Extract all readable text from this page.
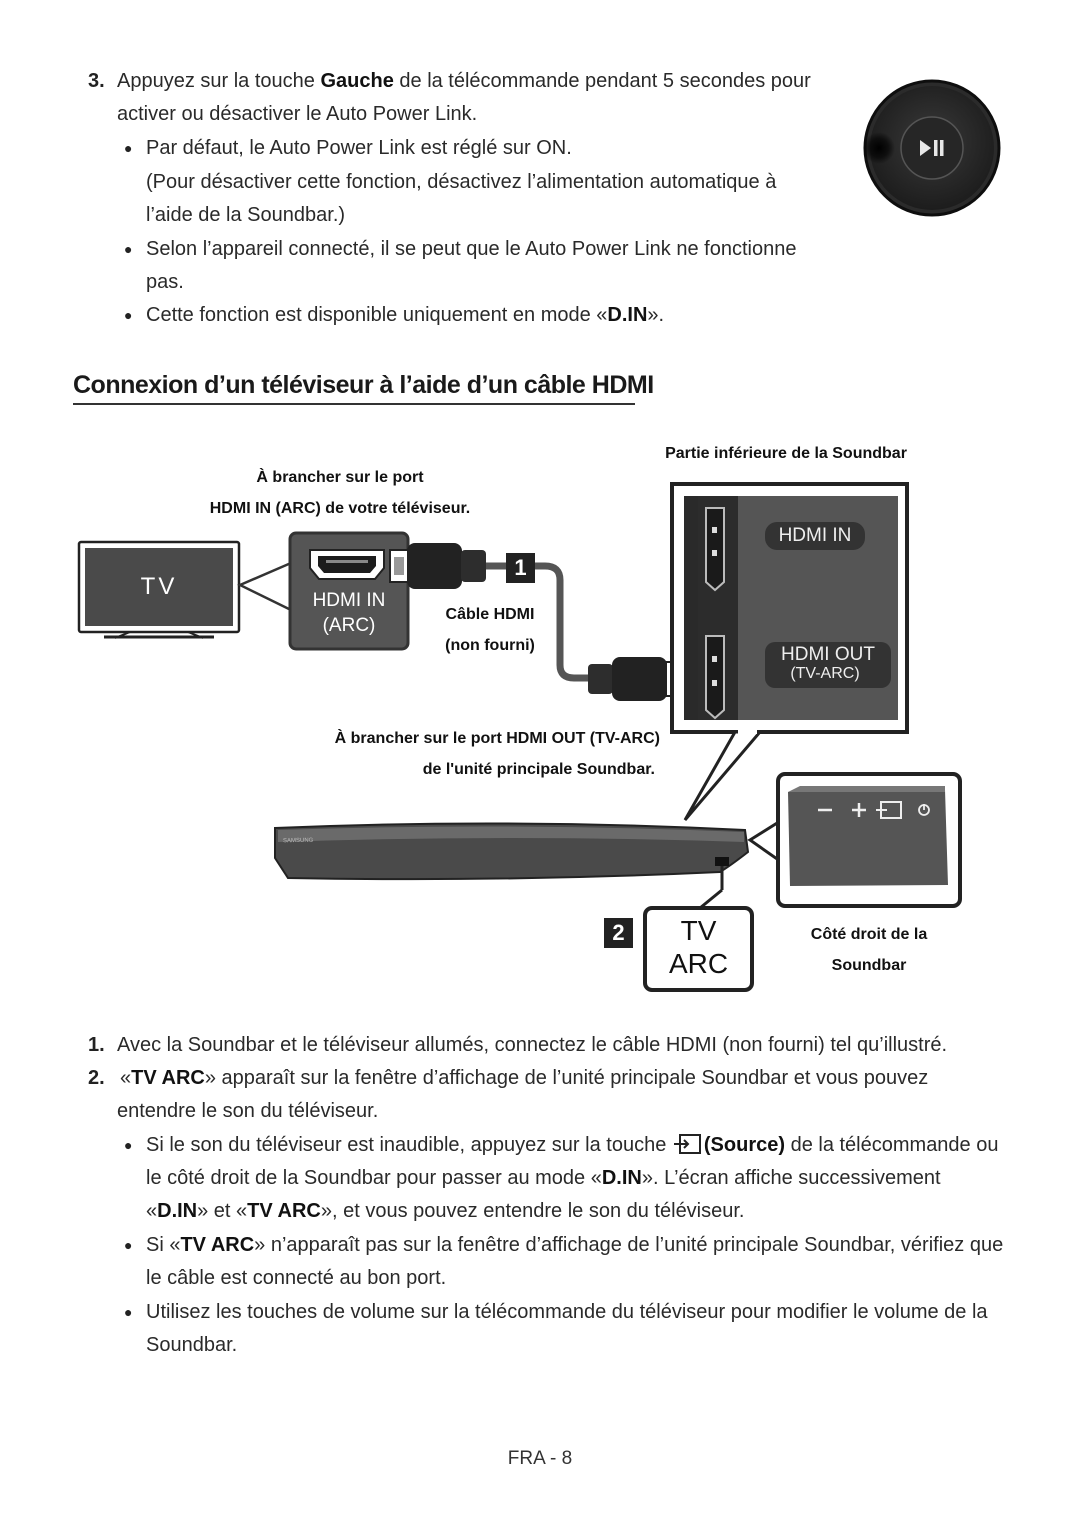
3. Appuyez sur la touche Gauche de la télécommande pendant 5 secondes pour
activer ou désactiver le Auto Power Link.
● Par défaut, le Auto Power Link est réglé sur ON.
(Pour désactiver cette fonction, désactivez l’alimentation automatique à
l’aide de la Soundbar.)
● Selon l’appareil connecté, il se peut que le Auto Power Link ne fonctionne
pas.
● Cette fonction est disponible uniquement en mode «D.IN».
Connexion d’un téléviseur à l’aide d’un câble HDMI
Partie inférieure de la Soundbar
À brancher sur le port
HDMI IN (ARC) de votre téléviseur.
TV
HDMI IN
(ARC)
1
Câble HDMI
(non fourni)
HDMI IN
HDMI OUT
(TV-ARC)
À brancher sur le port HDMI OUT (TV-ARC)
de l'unité principale Soundbar.
SAMSUNG
2	TV
ARC
Côté droit de la
Soundbar
1. Avec la Soundbar et le téléviseur allumés, connectez le câble HDMI (non fourni) tel qu’illustré.
2. «TV ARC» apparaît sur la fenêtre d’affichage de l’unité principale Soundbar et vous pouvez
entendre le son du téléviseur.
● Si le son du téléviseur est inaudible, appuyez sur la touche (Source) de la télécommande ou
le côté droit de la Soundbar pour passer au mode «D.IN». L’écran affiche successivement
«D.IN» et «TV ARC», et vous pouvez entendre le son du téléviseur.
● Si «TV ARC» n’apparaît pas sur la fenêtre d’affichage de l’unité principale Soundbar, vérifiez que
le câble est connecté au bon port.
● Utilisez les touches de volume sur la télécommande du téléviseur pour modifier le volume de la
Soundbar.
FRA - 8
